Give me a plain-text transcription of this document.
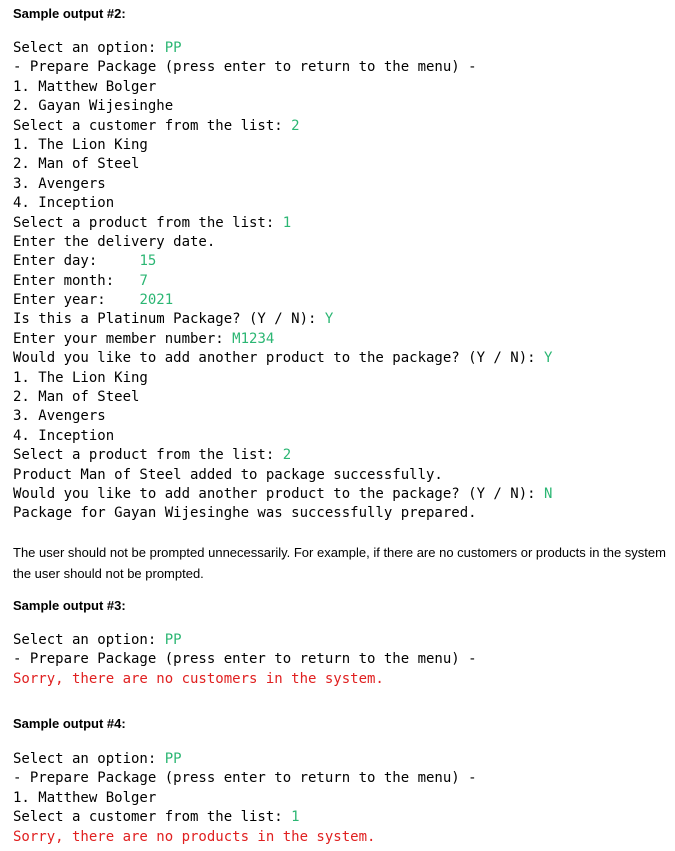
Sample output #2:
Select an option: PP
- Prepare Package (press enter to return to the menu) -
1. Matthew Bolger
2. Gayan Wijesinghe
Select a customer from the list: 2
1. The Lion King
2. Man of Steel
3. Avengers
4. Inception
Select a product from the list: 1
Enter the delivery date.
Enter day:     15
Enter month:   7
Enter year:    2021
Is this a Platinum Package? (Y / N): Y
Enter your member number: M1234
Would you like to add another product to the package? (Y / N): Y
1. The Lion King
2. Man of Steel
3. Avengers
4. Inception
Select a product from the list: 2
Product Man of Steel added to package successfully.
Would you like to add another product to the package? (Y / N): N
Package for Gayan Wijesinghe was successfully prepared.
The user should not be prompted unnecessarily. For example, if there are no customers or products in the system the user should not be prompted.
Sample output #3:
Select an option: PP
- Prepare Package (press enter to return to the menu) -
Sorry, there are no customers in the system.
Sample output #4:
Select an option: PP
- Prepare Package (press enter to return to the menu) -
1. Matthew Bolger
Select a customer from the list: 1
Sorry, there are no products in the system.
